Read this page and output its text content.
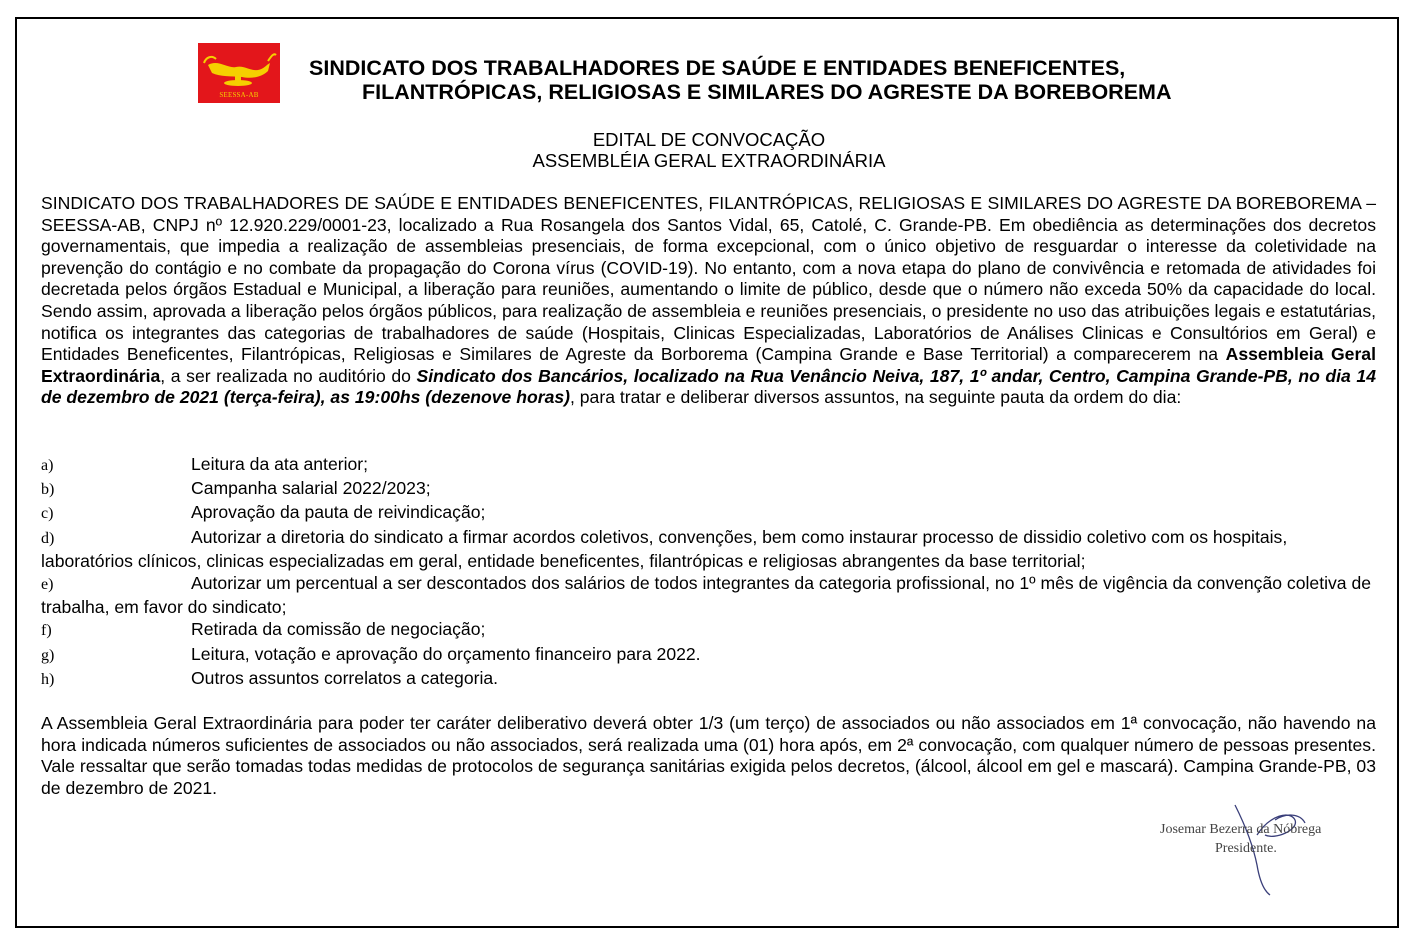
SEESSA-AB
SINDICATO DOS TRABALHADORES DE SAÚDE E ENTIDADES BENEFICENTES,
FILANTRÓPICAS, RELIGIOSAS E SIMILARES DO AGRESTE DA BOREBOREMA
EDITAL DE CONVOCAÇÃO
ASSEMBLÉIA GERAL EXTRAORDINÁRIA

SINDICATO DOS TRABALHADORES DE SAÚDE E ENTIDADES BENEFICENTES, FILANTRÓPICAS, RELIGIOSAS E SIMILARES DO AGRESTE DA BOREBOREMA – SEESSA-AB, CNPJ nº 12.920.229/0001-23, localizado a Rua Rosangela dos Santos Vidal, 65, Catolé, C. Grande-PB. Em obediência as determinações dos decretos governamentais, que impedia a realização de assembleias presenciais, de forma excepcional, com o único objetivo de resguardar o interesse da coletividade na prevenção do contágio e no combate da propagação do Corona vírus (COVID-19). No entanto, com a nova etapa do plano de convivência e retomada de atividades foi decretada pelos órgãos Estadual e Municipal, a liberação para reuniões, aumentando o limite de público, desde que o número não exceda 50% da capacidade do local. Sendo assim, aprovada a liberação pelos órgãos públicos, para realização de assembleia e reuniões presenciais, o presidente no uso das atribuições legais e estatutárias, notifica os integrantes das categorias de trabalhadores de saúde (Hospitais, Clinicas Especializadas, Laboratórios de Análises Clinicas e Consultórios em Geral) e Entidades Beneficentes, Filantrópicas, Religiosas e Similares de Agreste da Borborema (Campina Grande e Base Territorial) a comparecerem na Assembleia Geral Extraordinária, a ser realizada no auditório do Sindicato dos Bancários, localizado na Rua Venâncio Neiva, 187, 1º andar, Centro, Campina Grande-PB, no dia 14 de dezembro de 2021 (terça-feira), as 19:00hs (dezenove horas), para tratar e deliberar diversos assuntos, na seguinte pauta da ordem do dia:

a)	Leitura da ata anterior;
b)	Campanha salarial 2022/2023;
c)	Aprovação da pauta de reivindicação;
d)	Autorizar a diretoria do sindicato a firmar acordos coletivos, convenções, bem como instaurar processo de dissidio coletivo com os hospitais, laboratórios clínicos, clinicas especializadas em geral, entidade beneficentes, filantrópicas e religiosas abrangentes da base territorial;
e)	Autorizar um percentual a ser descontados dos salários de todos integrantes da categoria profissional, no 1º mês de vigência da convenção coletiva de trabalha, em favor do sindicato;
f)	Retirada da comissão de negociação;
g)	Leitura, votação e aprovação do orçamento financeiro para 2022.
h)	Outros assuntos correlatos a categoria.
A Assembleia Geral Extraordinária para poder ter caráter deliberativo deverá obter 1/3 (um terço) de associados ou não associados em 1ª convocação, não havendo na hora indicada números suficientes de associados ou não associados, será realizada uma (01) hora após, em 2ª convocação, com qualquer número de pessoas presentes. Vale ressaltar que serão tomadas todas medidas de protocolos de segurança sanitárias exigida pelos decretos, (álcool, álcool em gel e mascará). Campina Grande-PB, 03 de dezembro de 2021.
Josemar Bezerra da Nóbrega
Presidente.
